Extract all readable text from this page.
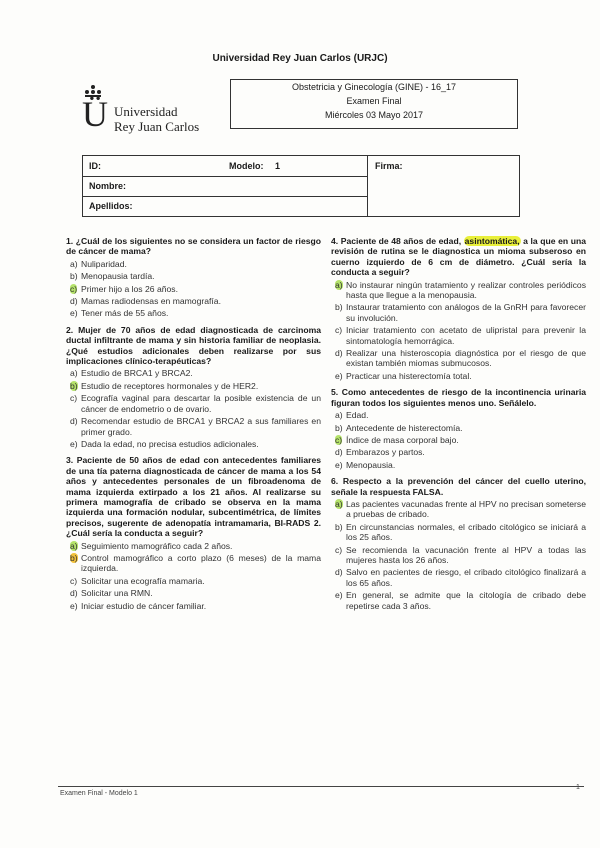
Universidad Rey Juan Carlos (URJC)
Ü Universidad
Rey Juan Carlos
Obstetricia y Ginecología (GINE) - 16_17
Examen Final
Miércoles 03 Mayo 2017
ID:	Modelo: 1
Nombre:
Apellidos:
Firma:
1. ¿Cuál de los siguientes no se considera un factor de riesgo de cáncer de mama?
a) Nuliparidad.
b) Menopausia tardía.
c) Primer hijo a los 26 años.
d) Mamas radiodensas en mamografía.
e) Tener más de 55 años.
2. Mujer de 70 años de edad diagnosticada de carcinoma ductal infiltrante de mama y sin historia familiar de neoplasia. ¿Qué estudios adicionales deben realizarse por sus implicaciones clínico-terapéuticas?
a) Estudio de BRCA1 y BRCA2.
b) Estudio de receptores hormonales y de HER2.
c) Ecografía vaginal para descartar la posible existencia de un cáncer de endometrio o de ovario.
d) Recomendar estudio de BRCA1 y BRCA2 a sus familiares en primer grado.
e) Dada la edad, no precisa estudios adicionales.
3. Paciente de 50 años de edad con antecedentes familiares de una tía paterna diagnosticada de cáncer de mama a los 54 años y antecedentes personales de un fibroadenoma de mama izquierda extirpado a los 21 años. Al realizarse su primera mamografía de cribado se observa en la mama izquierda una formación nodular, subcentimétrica, de límites precisos, sugerente de adenopatía intramamaria, BI-RADS 2. ¿Cuál sería la conducta a seguir?
a) Seguimiento mamográfico cada 2 años.
b) Control mamográfico a corto plazo (6 meses) de la mama izquierda.
c) Solicitar una ecografía mamaria.
d) Solicitar una RMN.
e) Iniciar estudio de cáncer familiar.
4. Paciente de 48 años de edad, asintomática, a la que en una revisión de rutina se le diagnostica un mioma subseroso en cuerno izquierdo de 6 cm de diámetro. ¿Cuál sería la conducta a seguir?
a) No instaurar ningún tratamiento y realizar controles periódicos hasta que llegue a la menopausia.
b) Instaurar tratamiento con análogos de la GnRH para favorecer su involución.
c) Iniciar tratamiento con acetato de ulipristal para prevenir la sintomatología hemorrágica.
d) Realizar una histeroscopia diagnóstica por el riesgo de que existan también miomas submucosos.
e) Practicar una histerectomía total.
5. Como antecedentes de riesgo de la incontinencia urinaria figuran todos los siguientes menos uno. Señálelo.
a) Edad.
b) Antecedente de histerectomía.
c) Índice de masa corporal bajo.
d) Embarazos y partos.
e) Menopausia.
6. Respecto a la prevención del cáncer del cuello uterino, señale la respuesta FALSA.
a) Las pacientes vacunadas frente al HPV no precisan someterse a pruebas de cribado.
b) En circunstancias normales, el cribado citológico se iniciará a los 25 años.
c) Se recomienda la vacunación frente al HPV a todas las mujeres hasta los 26 años.
d) Salvo en pacientes de riesgo, el cribado citológico finalizará a los 65 años.
e) En general, se admite que la citología de cribado debe repetirse cada 3 años.
Examen Final - Modelo 1
1
